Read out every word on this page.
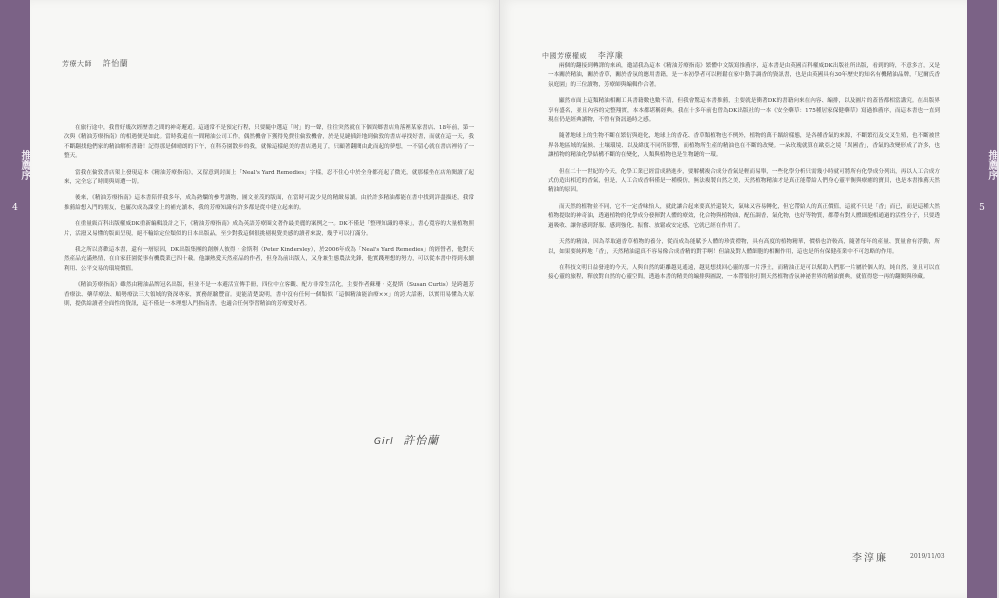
推薦序
4
芳療大師 許怡蘭

在旅行途中，我曾好幾次經歷書之間的神奇邂逅。這通常不是預定行程，只要隨中選這「吋」的一聲，往往突然就在下個異鄉書店角落裡某家書店、18年前，第一次與《精油芳療指南》的相遇便是如此。當時我還在一間精油公司工作，偶然機會下獲得免費往倫敦機會，於是見縫插針地到倫敦的書店尋找好書，而就在這一天，我不斷翻找他們家的精油解析書籍！記得那是個晴朗的下午，在科芬園散步的我，就像這樣絕美的書店遇見了，只顧著翻閱由此而起的夢想，一不留心就在書店裡待了一整天。

當我在倫敦書店架上發現這本《精油芳療指南》，又留意到封面上「Neal's Yard Remedies」字樣，忍不住心中於全身都亮起了微光，就那樣坐在店角閱讀了起來，完全忘了時間與周遭一切。

後來，《精油芳療指南》這本書陪伴我多年，成為熟爛的參考讀物，圖文並茂的版面，在當時可說少見的精緻易讀。由於許多精油都能在書中找到詳盡描述，我常推薦給想入門的朋友，也屢次成為課堂上的補充讀本，我的芳療知識有許多都是從中建立起來的。

在重量級百科出版權威DK重新編輯設計之下，《精油芳療指南》成為英語芳療圈文著作最美麗的案例之一。DK不僅是「整理知識的專家」，書心寬容的大量植物照片，活潑又易懂的版面呈現，絕不輸給定位類似的日本出版品，至少對我這個很挑剔視覺美感的讀者來說，幾乎可以打滿分。

我之所以喜歡這本書，還有一層原因，DK出版集團的創辦人彼得‧金斯利（Peter Kindersley），於2006年成為「Neal's Yard Remedies」的經營者，他對天然產品充滿熱情，在自家莊園從事有機農業已四十載。他讓熱愛天然產品的作者，但身為前出版人，又身兼生態農法先鋒，他實踐理想的努力，可以從本書中得到永續利用、公平交易的環境價值。

《精油芳療指南》雖然由精油品牌冠名出版，但並不是一本避活宣傳手冊，四位中立客觀、配方非常生活化，主要作者蘇珊‧克提斯（Susan Curtis）是跨越芳香療法、藥草療法、順勢療法三大領域的資深專家，實務經驗豐富。更能清楚說明，書中沒有任何一個類似「這個精油能治療××」的誇大話術，以實用易懂為大原則，提供給讀者全面性的資訊，這不僅是一本理想入門指南書，也適合任何學習精油的芳療愛好者。

Girl 許怡蘭
中國芳療權威 李淳廉

兩個的翻接到轉譯的來函，邀請我為這本《精油芳療指南》繁體中文版寫推薦序，這本書是由英國百科權威DK出版社所出版，看到的時，不意多言，又是一本關於精油，關於香草，關於香氛的應用書籍，是一本初學者可以輕鬆在家中動手調香的資訊書，也是由英國具有30年歷史的知名有機精油品牌，「尼爾氏香氛庭園」的三位讀物，芳療師與編輯作合著。

顯然市面上這類精油相關工具書籍數也數不清，但我會驚這本書推薦，主要就是衝著DK的書籍向來在內容、編排，以及圖片的蓋皆都相當講究。在出版界享有盛名，並且內容的完整翔實，本本都堪稱經典。我在十多年前也曾為DK出版社的一本《安全藥草：175種居家保健藥草》寫過推薦序，而這本書也一直到現在仍是經典讀物，不曾有資訊過時之感。

隨著地球上的生物不斷在繁衍與進化，地球上的香花、香草類植物也不例外，植物的萬千繽紛樣態，是各種香氣的來源，不斷繁衍及交叉生殖，也不斷被世界各地區域的氣候、土壤環境、以及緯度不同所影響，而植物所生產的精油也在不斷的改變。一朵玫瑰就算在歐亞之境「異國香」，香氣的改變形成了許多，也讓植物的精油化學結構不斷的在變化，人類與植物也是生物鏈的一環。

但在二十一世紀的今天，化學工業已經當成熟進步，要解構複合成分香氣是輕而易舉，一些化學分析只需幾小時就可將所有化學成分列出，再以人工合成方式仿造出相近的香氣，但是，人工合成香料僅是一種模仿，無法複製自然之美，天然植物精油才是真正能帶給人們身心靈平衡與療癒的寶貝，也是本書推薦天然精油的原因。

而天然的植物並不同，它不一定香味怡人，就此讓合起來要真於還裝大，氣味又容易轉化，但它帶給人的真正價值，這就不只是「香」而已，而是這種大然植物提取的神奇油，透過植物的化學成分發揮對人體的療效，化合物與植物油，配伍調香，氣化物，也好等物質，都帶有對人體細胞相通過的活性分子，只要透過吸收、讓你感到舒服、感到強化、振奮、放鬆或安定感，它就已經在作用了。

天然的精油，因為萃取過香草植物的養分，從而成為能賦予人體的珍貴禮物，具有高度的植物精華，價格也許較高，隨著每年的產量、質量會有浮動，所以，如果要純粹地「香」，天然精油還真不容易像合成香精的對手啊！但論及對人體細胞的相關作用，這也是所有保健產業中不可忽略的作用。

在科技文明日益發達的今天，人與自然的距離越見遙遠，越見想找回心靈的那一片淨土，而精油正是可以幫助人們那一片屬於個人的，純自然，並且可以直接心靈的旅程，釋放對自然的心靈空間，透過本書的精美的編排與圖說，一本帶領你打開天然植物香氛神祕世界的精油寶典，就值得您一再的翻閱與珍藏。

李淳廉	2019/11/03
推薦序
5
